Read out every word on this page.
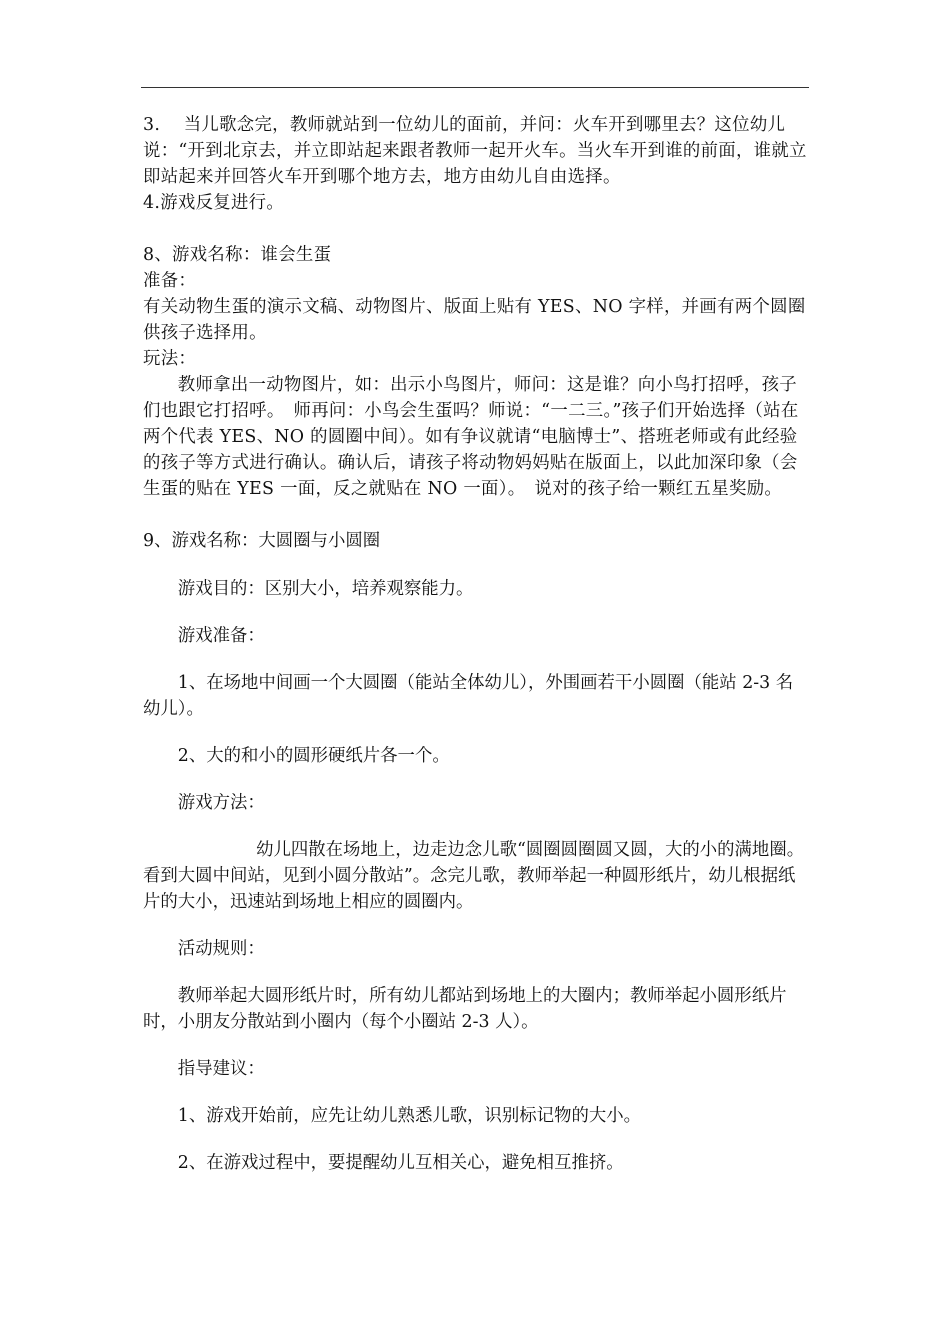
3.　 当儿歌念完，教师就站到一位幼儿的面前，并问：火车开到哪里去？这位幼儿说：“开到北京去，并立即站起来跟者教师一起开火车。当火车开到谁的前面，谁就立即站起来并回答火车开到哪个地方去，地方由幼儿自由选择。

4.游戏反复进行。

8、游戏名称：谁会生蛋

准备：

有关动物生蛋的演示文稿、动物图片、版面上贴有 YES、NO 字样，并画有两个圆圈供孩子选择用。

玩法：

教师拿出一动物图片，如：出示小鸟图片，师问：这是谁？向小鸟打招呼，孩子们也跟它打招呼。　师再问：小鸟会生蛋吗？师说：“一二三。”孩子们开始选择（站在两个代表 YES、NO 的圆圈中间）。如有争议就请“电脑博士”、搭班老师或有此经验的孩子等方式进行确认。确认后，请孩子将动物妈妈贴在版面上，以此加深印象（会生蛋的贴在 YES 一面，反之就贴在 NO 一面）。　说对的孩子给一颗红五星奖励。

9、游戏名称：大圆圈与小圆圈

游戏目的：区别大小，培养观察能力。

游戏准备：

1、在场地中间画一个大圆圈（能站全体幼儿），外围画若干小圆圈（能站 2-3 名幼儿）。

2、大的和小的圆形硬纸片各一个。

游戏方法：

幼儿四散在场地上，边走边念儿歌“圆圈圆圈圆又圆，大的小的满地圈。看到大圆中间站，见到小圆分散站”。念完儿歌，教师举起一种圆形纸片，幼儿根据纸片的大小，迅速站到场地上相应的圆圈内。

活动规则：

教师举起大圆形纸片时，所有幼儿都站到场地上的大圈内；教师举起小圆形纸片时，小朋友分散站到小圈内（每个小圈站 2-3 人）。

指导建议：

1、游戏开始前，应先让幼儿熟悉儿歌，识别标记物的大小。

2、在游戏过程中，要提醒幼儿互相关心，避免相互推挤。
